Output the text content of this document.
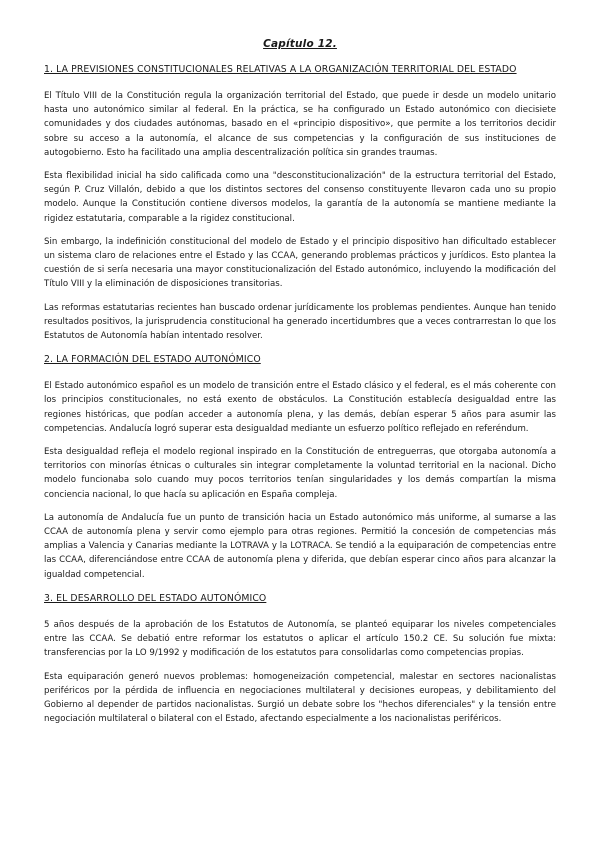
Capítulo 12.
1. LA PREVISIONES CONSTITUCIONALES RELATIVAS A LA ORGANIZACIÓN TERRITORIAL DEL ESTADO

El Título VIII de la Constitución regula la organización territorial del Estado, que puede ir desde un modelo unitario hasta uno autonómico similar al federal. En la práctica, se ha configurado un Estado autonómico con diecisiete comunidades y dos ciudades autónomas, basado en el «principio dispositivo», que permite a los territorios decidir sobre su acceso a la autonomía, el alcance de sus competencias y la configuración de sus instituciones de autogobierno. Esto ha facilitado una amplia descentralización política sin grandes traumas.

Esta flexibilidad inicial ha sido calificada como una "desconstitucionalización" de la estructura territorial del Estado, según P. Cruz Villalón, debido a que los distintos sectores del consenso constituyente llevaron cada uno su propio modelo. Aunque la Constitución contiene diversos modelos, la garantía de la autonomía se mantiene mediante la rigidez estatutaria, comparable a la rigidez constitucional.

Sin embargo, la indefinición constitucional del modelo de Estado y el principio dispositivo han dificultado establecer un sistema claro de relaciones entre el Estado y las CCAA, generando problemas prácticos y jurídicos. Esto plantea la cuestión de si sería necesaria una mayor constitucionalización del Estado autonómico, incluyendo la modificación del Título VIII y la eliminación de disposiciones transitorias.

Las reformas estatutarias recientes han buscado ordenar jurídicamente los problemas pendientes. Aunque han tenido resultados positivos, la jurisprudencia constitucional ha generado incertidumbres que a veces contrarrestan lo que los Estatutos de Autonomía habían intentado resolver.

2. LA FORMACIÓN DEL ESTADO AUTONÓMICO

El Estado autonómico español es un modelo de transición entre el Estado clásico y el federal, es el más coherente con los principios constitucionales, no está exento de obstáculos. La Constitución establecía desigualdad entre las regiones históricas, que podían acceder a autonomía plena, y las demás, debían esperar 5 años para asumir las competencias. Andalucía logró superar esta desigualdad mediante un esfuerzo político reflejado en referéndum.

Esta desigualdad refleja el modelo regional inspirado en la Constitución de entreguerras, que otorgaba autonomía a territorios con minorías étnicas o culturales sin integrar completamente la voluntad territorial en la nacional. Dicho modelo funcionaba solo cuando muy pocos territorios tenían singularidades y los demás compartían la misma conciencia nacional, lo que hacía su aplicación en España compleja.

La autonomía de Andalucía fue un punto de transición hacia un Estado autonómico más uniforme, al sumarse a las CCAA de autonomía plena y servir como ejemplo para otras regiones. Permitió la concesión de competencias más amplias a Valencia y Canarias mediante la LOTRAVA y la LOTRACA. Se tendió a la equiparación de competencias entre las CCAA, diferenciándose entre CCAA de autonomía plena y diferida, que debían esperar cinco años para alcanzar la igualdad competencial.

3. EL DESARROLLO DEL ESTADO AUTONÓMICO

5 años después de la aprobación de los Estatutos de Autonomía, se planteó equiparar los niveles competenciales entre las CCAA. Se debatió entre reformar los estatutos o aplicar el artículo 150.2 CE. Su solución fue mixta: transferencias por la LO 9/1992 y modificación de los estatutos para consolidarlas como competencias propias.

Esta equiparación generó nuevos problemas: homogeneización competencial, malestar en sectores nacionalistas periféricos por la pérdida de influencia en negociaciones multilateral y decisiones europeas, y debilitamiento del Gobierno al depender de partidos nacionalistas. Surgió un debate sobre los "hechos diferenciales" y la tensión entre negociación multilateral o bilateral con el Estado, afectando especialmente a los nacionalistas periféricos.
